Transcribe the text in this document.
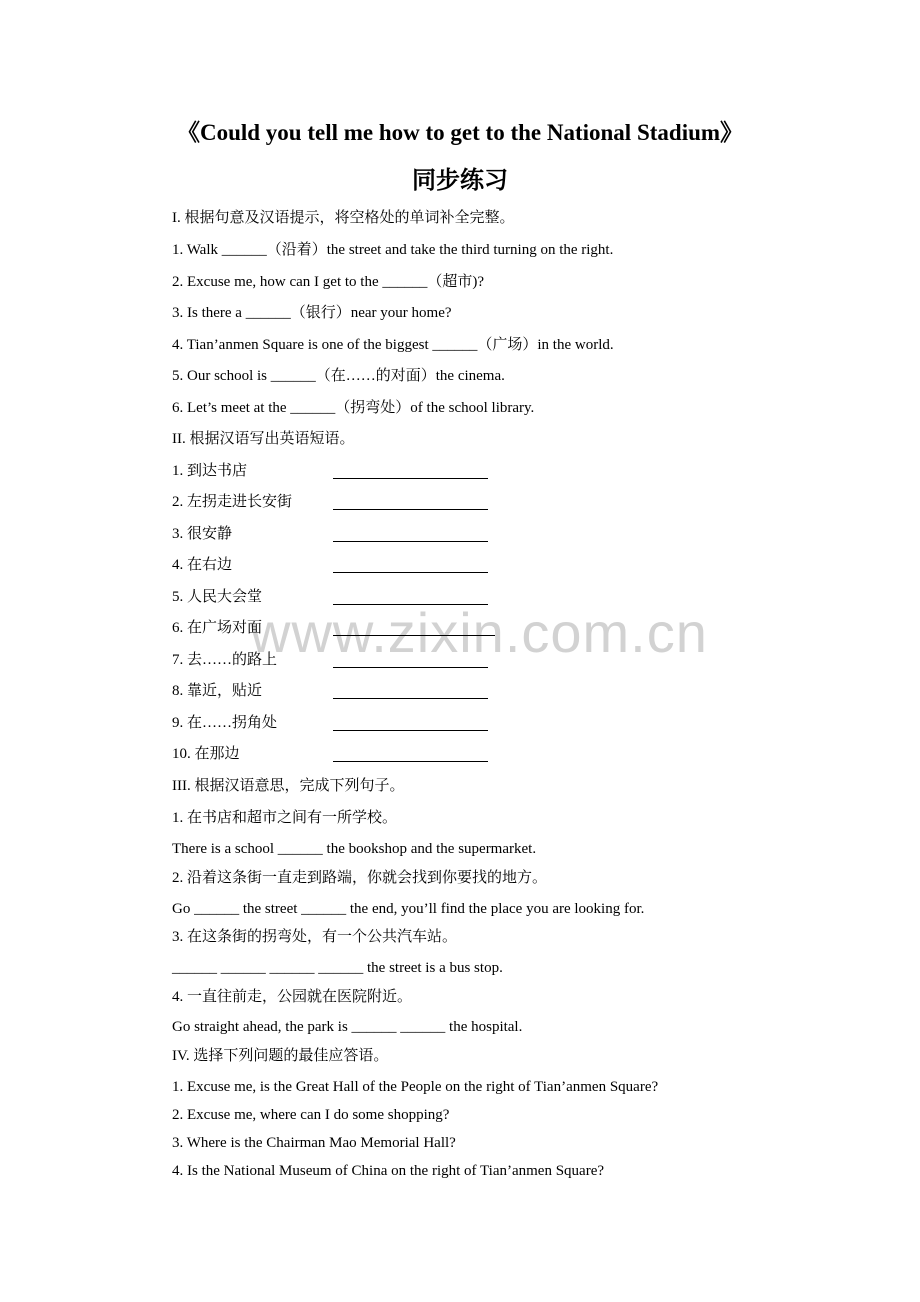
www.zixin.com.cn
《Could you tell me how to get to the National Stadium》
同步练习

I. 根据句意及汉语提示，将空格处的单词补全完整。

1. Walk ______（沿着）the street and take the third turning on the right.

2. Excuse me, how can I get to the ______（超市)?

3. Is there a ______（银行）near your home?

4. Tian’anmen Square is one of the biggest ______（广场）in the world.

5. Our school is ______（在……的对面）the cinema.

6. Let’s meet at the ______（拐弯处）of the school library.

II. 根据汉语写出英语短语。

1. 到达书店
2. 左拐走进长安街
3. 很安静
4. 在右边
5. 人民大会堂
6. 在广场对面
7. 去……的路上
8. 靠近，贴近
9. 在……拐角处
10. 在那边

III. 根据汉语意思，完成下列句子。

1. 在书店和超市之间有一所学校。

There is a school ______ the bookshop and the supermarket.

2. 沿着这条街一直走到路端，你就会找到你要找的地方。

Go ______ the street ______ the end, you’ll find the place you are looking for.

3. 在这条街的拐弯处，有一个公共汽车站。

______ ______ ______ ______ the street is a bus stop.

4. 一直往前走，公园就在医院附近。

Go straight ahead, the park is ______ ______ the hospital.

IV. 选择下列问题的最佳应答语。

1. Excuse me, is the Great Hall of the People on the right of Tian’anmen Square?

2. Excuse me, where can I do some shopping?

3. Where is the Chairman Mao Memorial Hall?

4. Is the National Museum of China on the right of Tian’anmen Square?
